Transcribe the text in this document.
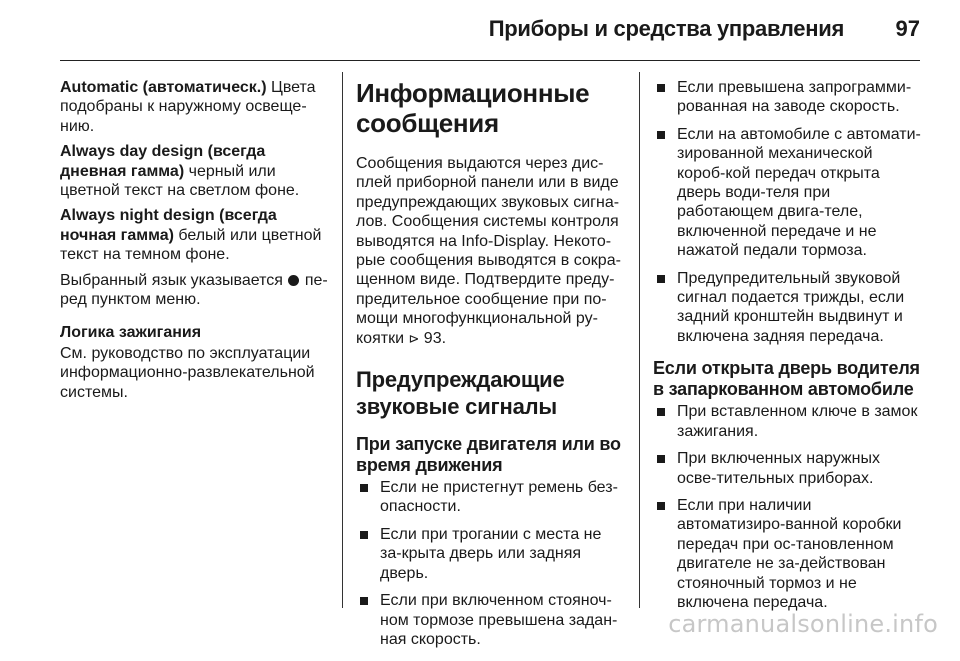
Приборы и средства управления	97

Automatic (автоматическ.) Цвета подобраны к наружному освеще-нию.

Always day design (всегда дневная гамма) черный или цветной текст на светлом фоне.

Always night design (всегда ночная гамма) белый или цветной текст на темном фоне.

Выбранный язык указывается  пе-ред пунктом меню.

Логика зажигания

См. руководство по эксплуатации информационно-развлекательной системы.

Информационные сообщения

Сообщения выдаются через дис-плей приборной панели или в виде предупреждающих звуковых сигна-лов. Сообщения системы контроля выводятся на Info-Display. Некото-рые сообщения выводятся в сокра-щенном виде. Подтвердите преду-предительное сообщение при по-мощи многофункциональной ру-коятки ⊳ 93.

Предупреждающие звуковые сигналы
При запуске двигателя или во время движения
Если не пристегнут ремень без-опасности.
Если при трогании с места не за-крыта дверь или задняя дверь.
Если при включенном стояноч-ном тормозе превышена задан-ная скорость.
Если превышена запрограмми-рованная на заводе скорость.
Если на автомобиле с автомати-зированной механической короб-кой передач открыта дверь води-теля при работающем двига-теле, включенной передаче и не нажатой педали тормоза.
Предупредительный звуковой сигнал подается трижды, если задний кронштейн выдвинут и включена задняя передача.
Если открыта дверь водителя в запаркованном автомобиле
При вставленном ключе в замок зажигания.
При включенных наружных осве-тительных приборах.
Если при наличии автоматизиро-ванной коробки передач при ос-тановленном двигателе не за-действован стояночный тормоз и не включена передача.
carmanualsonline.info
